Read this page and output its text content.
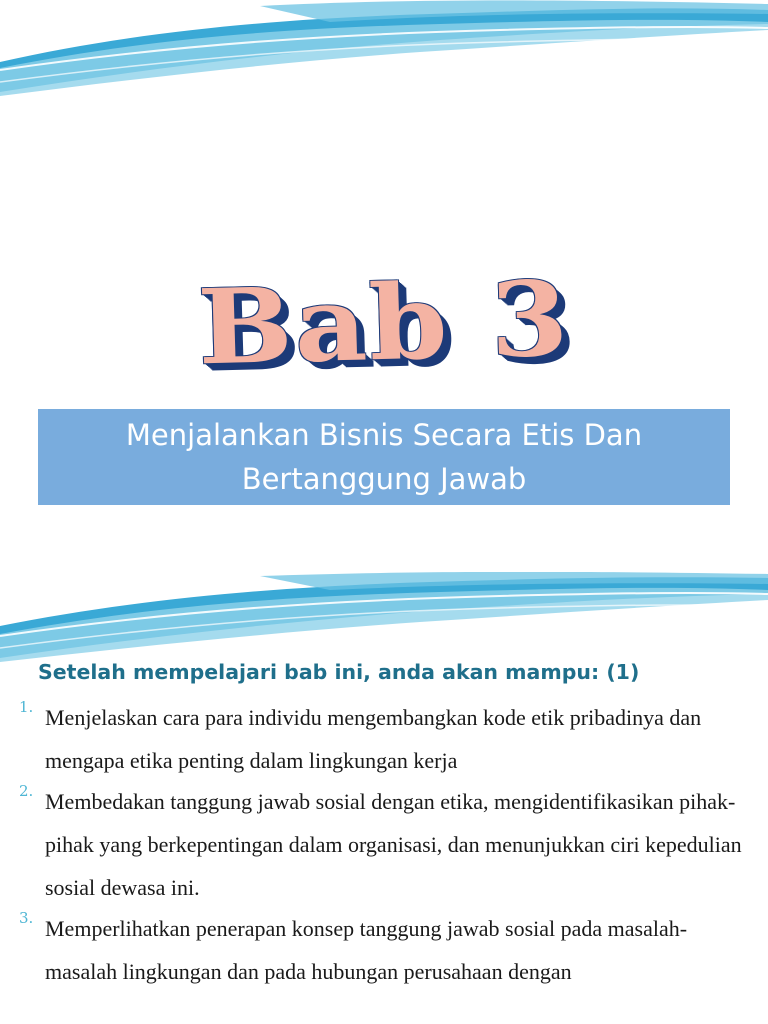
Bab 3
Menjalankan Bisnis Secara Etis Dan
Bertanggung Jawab
Setelah mempelajari bab ini, anda akan mampu: (1)
1. Menjelaskan cara para individu mengembangkan kode etik pribadinya dan mengapa etika penting dalam lingkungan kerja

2. Membedakan tanggung jawab sosial dengan etika, mengidentifikasikan pihak-pihak yang berkepentingan dalam organisasi, dan menunjukkan ciri kepedulian sosial dewasa ini.

3. Memperlihatkan penerapan konsep tanggung jawab sosial pada masalah-masalah lingkungan dan pada hubungan perusahaan dengan
